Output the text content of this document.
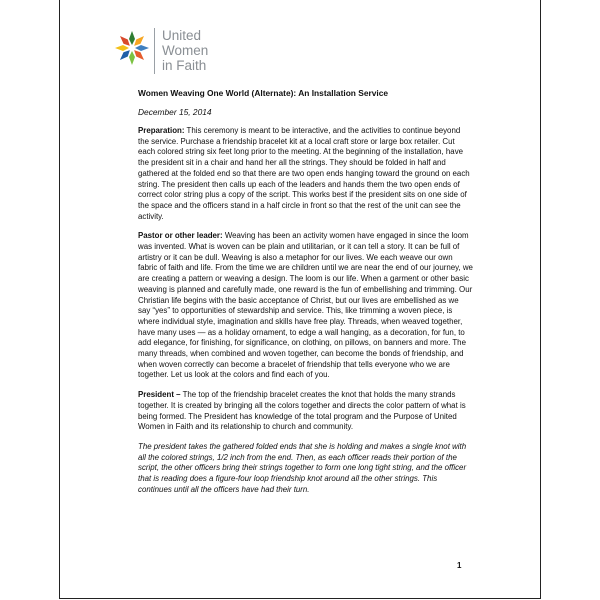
United
Women
in Faith
Women Weaving One World (Alternate): An Installation Service
December 15, 2014
Preparation: This ceremony is meant to be interactive, and the activities to continue beyond the service. Purchase a friendship bracelet kit at a local craft store or large box retailer. Cut each colored string six feet long prior to the meeting. At the beginning of the installation, have the president sit in a chair and hand her all the strings. They should be folded in half and gathered at the folded end so that there are two open ends hanging toward the ground on each string. The president then calls up each of the leaders and hands them the two open ends of correct color string plus a copy of the script. This works best if the president sits on one side of the space and the officers stand in a half circle in front so that the rest of the unit can see the activity.
Pastor or other leader: Weaving has been an activity women have engaged in since the loom was invented. What is woven can be plain and utilitarian, or it can tell a story. It can be full of artistry or it can be dull. Weaving is also a metaphor for our lives. We each weave our own fabric of faith and life. From the time we are children until we are near the end of our journey, we are creating a pattern or weaving a design. The loom is our life. When a garment or other basic weaving is planned and carefully made, one reward is the fun of embellishing and trimming. Our Christian life begins with the basic acceptance of Christ, but our lives are embellished as we say “yes” to opportunities of stewardship and service. This, like trimming a woven piece, is where individual style, imagination and skills have free play. Threads, when weaved together, have many uses — as a holiday ornament, to edge a wall hanging, as a decoration, for fun, to add elegance, for finishing, for significance, on clothing, on pillows, on banners and more. The many threads, when combined and woven together, can become the bonds of friendship, and when woven correctly can become a bracelet of friendship that tells everyone who we are together. Let us look at the colors and find each of you.
President – The top of the friendship bracelet creates the knot that holds the many strands together. It is created by bringing all the colors together and directs the color pattern of what is being formed. The President has knowledge of the total program and the Purpose of United Women in Faith and its relationship to church and community.
The president takes the gathered folded ends that she is holding and makes a single knot with all the colored strings, 1/2 inch from the end. Then, as each officer reads their portion of the script, the other officers bring their strings together to form one long tight string, and the officer that is reading does a figure-four loop friendship knot around all the other strings. This continues until all the officers have had their turn.
1
